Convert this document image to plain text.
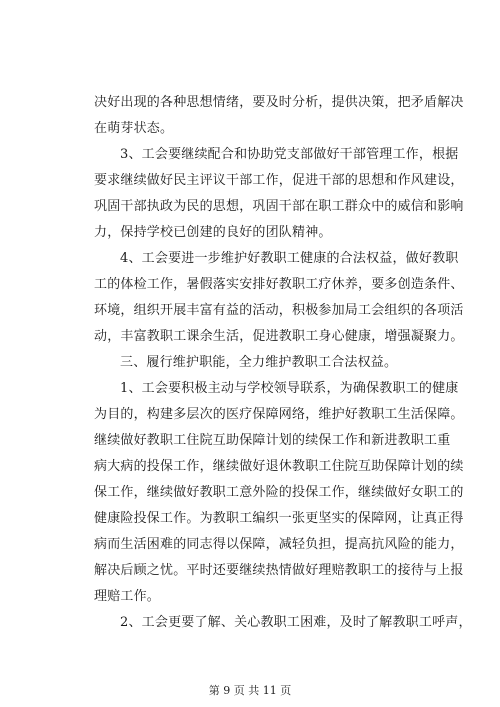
决好出现的各种思想情绪，要及时分析，提供决策，把矛盾解决
在萌芽状态。
3、工会要继续配合和协助党支部做好干部管理工作，根据
要求继续做好民主评议干部工作，促进干部的思想和作风建设，
巩固干部执政为民的思想，巩固干部在职工群众中的威信和影响
力，保持学校已创建的良好的团队精神。
4、工会要进一步维护好教职工健康的合法权益，做好教职
工的体检工作，暑假落实安排好教职工疗休养，要多创造条件、
环境，组织开展丰富有益的活动，积极参加局工会组织的各项活
动，丰富教职工课余生活，促进教职工身心健康，增强凝聚力。
三、履行维护职能，全力维护教职工合法权益。
1、工会要积极主动与学校领导联系，为确保教职工的健康
为目的，构建多层次的医疗保障网络，维护好教职工生活保障。
继续做好教职工住院互助保障计划的续保工作和新进教职工重
病大病的投保工作，继续做好退休教职工住院互助保障计划的续
保工作，继续做好教职工意外险的投保工作，继续做好女职工的
健康险投保工作。为教职工编织一张更坚实的保障网，让真正得
病而生活困难的同志得以保障，减轻负担，提高抗风险的能力，
解决后顾之忧。平时还要继续热情做好理赔教职工的接待与上报
理赔工作。
2、工会更要了解、关心教职工困难，及时了解教职工呼声，
第 9 页 共 11 页
